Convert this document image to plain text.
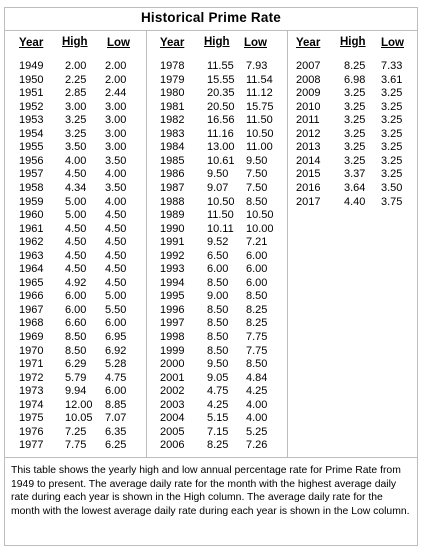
Historical Prime Rate
Year High Low
1949 2.00 2.00
1950 2.25 2.00
1951 2.85 2.44
1952 3.00 3.00
1953 3.25 3.00
1954 3.25 3.00
1955 3.50 3.00
1956 4.00 3.50
1957 4.50 4.00
1958 4.34 3.50
1959 5.00 4.00
1960 5.00 4.50
1961 4.50 4.50
1962 4.50 4.50
1963 4.50 4.50
1964 4.50 4.50
1965 4.92 4.50
1966 6.00 5.00
1967 6.00 5.50
1968 6.60 6.00
1969 8.50 6.95
1970 8.50 6.92
1971 6.29 5.28
1972 5.79 4.75
1973 9.94 6.00
1974 12.00 8.85
1975 10.05 7.07
1976 7.25 6.35
1977 7.75 6.25
Year High Low
1978 11.55 7.93
1979 15.55 11.54
1980 20.35 11.12
1981 20.50 15.75
1982 16.56 11.50
1983 11.16 10.50
1984 13.00 11.00
1985 10.61 9.50
1986 9.50 7.50
1987 9.07 7.50
1988 10.50 8.50
1989 11.50 10.50
1990 10.11 10.00
1991 9.52 7.21
1992 6.50 6.00
1993 6.00 6.00
1994 8.50 6.00
1995 9.00 8.50
1996 8.50 8.25
1997 8.50 8.25
1998 8.50 7.75
1999 8.50 7.75
2000 9.50 8.50
2001 9.05 4.84
2002 4.75 4.25
2003 4.25 4.00
2004 5.15 4.00
2005 7.15 5.25
2006 8.25 7.26
Year High Low
2007 8.25 7.33
2008 6.98 3.61
2009 3.25 3.25
2010 3.25 3.25
2011 3.25 3.25
2012 3.25 3.25
2013 3.25 3.25
2014 3.25 3.25
2015 3.37 3.25
2016 3.64 3.50
2017 4.40 3.75
This table shows the yearly high and low annual percentage rate for Prime Rate from 1949 to present. The average daily rate for the month with the highest average daily rate during each year is shown in the High column. The average daily rate for the month with the lowest average daily rate during each year is shown in the Low column.
